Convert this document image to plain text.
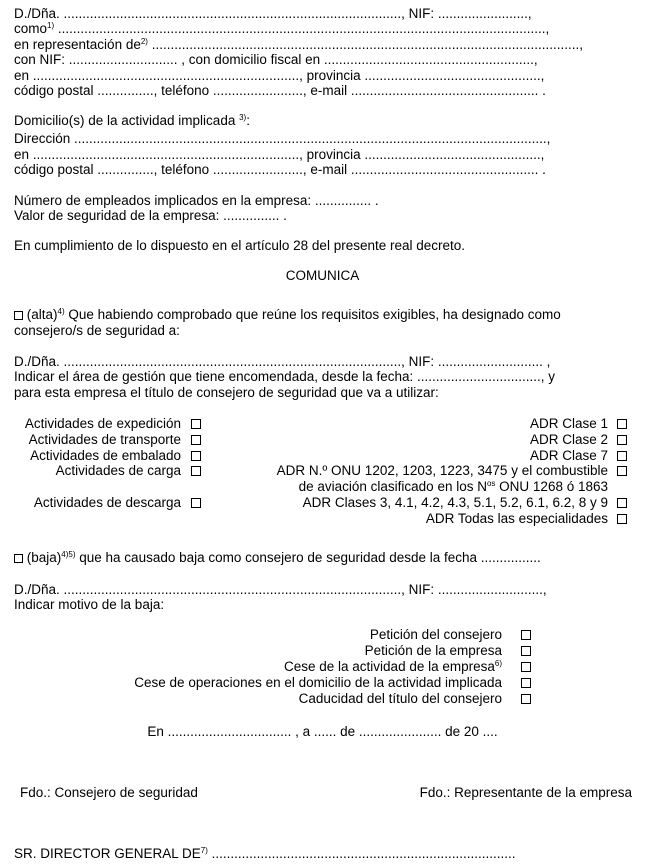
D./Dña. .........................................................................................., NIF: ........................,
como$^{1)}$ ..................................................................................................................................,
en representación $de^{2)}$ ..................................................................................................................,
con NIF: ............................. , con domicilio fiscal en ........................................................,
en ......................................................................., provincia ...............................................,
código postal ..............., teléfono ........................, e-mail .................................................. .
Domicilio(s) de la actividad implicada $^{3)}$:
Dirección ..............................................................................................................................,
en ......................................................................., provincia ...............................................,
código postal ..............., teléfono ........................, e-mail .................................................. .
Número de empleados implicados en la empresa: ............... .
Valor de seguridad de la empresa: ............... .
En cumplimiento de lo dispuesto en el artículo 28 del presente real decreto.
COMUNICA
(alta)$^{4)}$ Que habiendo comprobado que reúne los requisitos exigibles, ha designado como
consejero/s de seguridad a:
D./Dña. .........................................................................................., NIF: ............................ ,
Indicar el área de gestión que tiene encomendada, desde la fecha: ................................., y
para esta empresa el título de consejero de seguridad que va a utilizar:
Actividades de expedición
Actividades de transporte
Actividades de embalado
Actividades de carga
Actividades de descarga
ADR Clase 1
ADR Clase 2
ADR Clase 7
ADR N.º ONU 1202, 1203, 1223, 3475 y el combustible
de aviación clasificado en los $N^{os}$ ONU 1268 ó 1863
ADR Clases 3, 4.1, 4.2, 4.3, 5.1, 5.2, 6.1, 6.2, 8 y 9
ADR Todas las especialidades
(baja)$^{4)5)}$ que ha causado baja como consejero de seguridad desde la fecha ................
D./Dña. .........................................................................................., NIF: ............................,
Indicar motivo de la baja:
Petición del consejero
Petición de la empresa
Cese de la actividad de la empresa$^{6)}$
Cese de operaciones en el domicilio de la actividad implicada
Caducidad del título del consejero
En ................................. , a ...... de ...................... de 20 ....
Fdo.: Consejero de seguridad	Fdo.: Representante de la empresa
SR. DIRECTOR GENERAL DE$^{7)}$ .................................................................................
